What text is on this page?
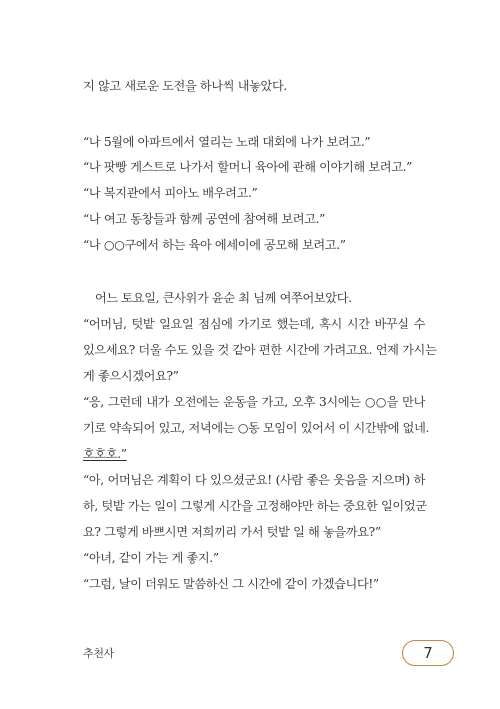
지 않고 새로운 도전을 하나씩 내놓았다.
“나 5월에 아파트에서 열리는 노래 대회에 나가 보려고.”
“나 팟빵 게스트로 나가서 할머니 육아에 관해 이야기해 보려고.”
“나 복지관에서 피아노 배우려고.”
“나 여고 동창들과 함께 공연에 참여해 보려고.”
“나 ○○구에서 하는 육아 에세이에 공모해 보려고.”
어느 토요일, 큰사위가 윤순 최 님께 여쭈어보았다.
“어머님, 텃밭 일요일 점심에 가기로 했는데, 혹시 시간 바꾸실 수
있으세요? 더울 수도 있을 것 같아 편한 시간에 가려고요. 언제 가시는
게 좋으시겠어요?”
“응, 그런데 내가 오전에는 운동을 가고, 오후 3시에는 ○○을 만나
기로 약속되어 있고, 저녁에는 ○동 모임이 있어서 이 시간밖에 없네.
호호호.”
“아, 어머님은 계획이 다 있으셨군요! (사람 좋은 웃음을 지으며) 하
하, 텃밭 가는 일이 그렇게 시간을 고정해야만 하는 중요한 일이었군
요? 그렇게 바쁘시면 저희끼리 가서 텃밭 일 해 놓을까요?”
“아녀, 같이 가는 게 좋지.”
“그럼, 날이 더워도 말씀하신 그 시간에 같이 가겠습니다!”
추천사	7
